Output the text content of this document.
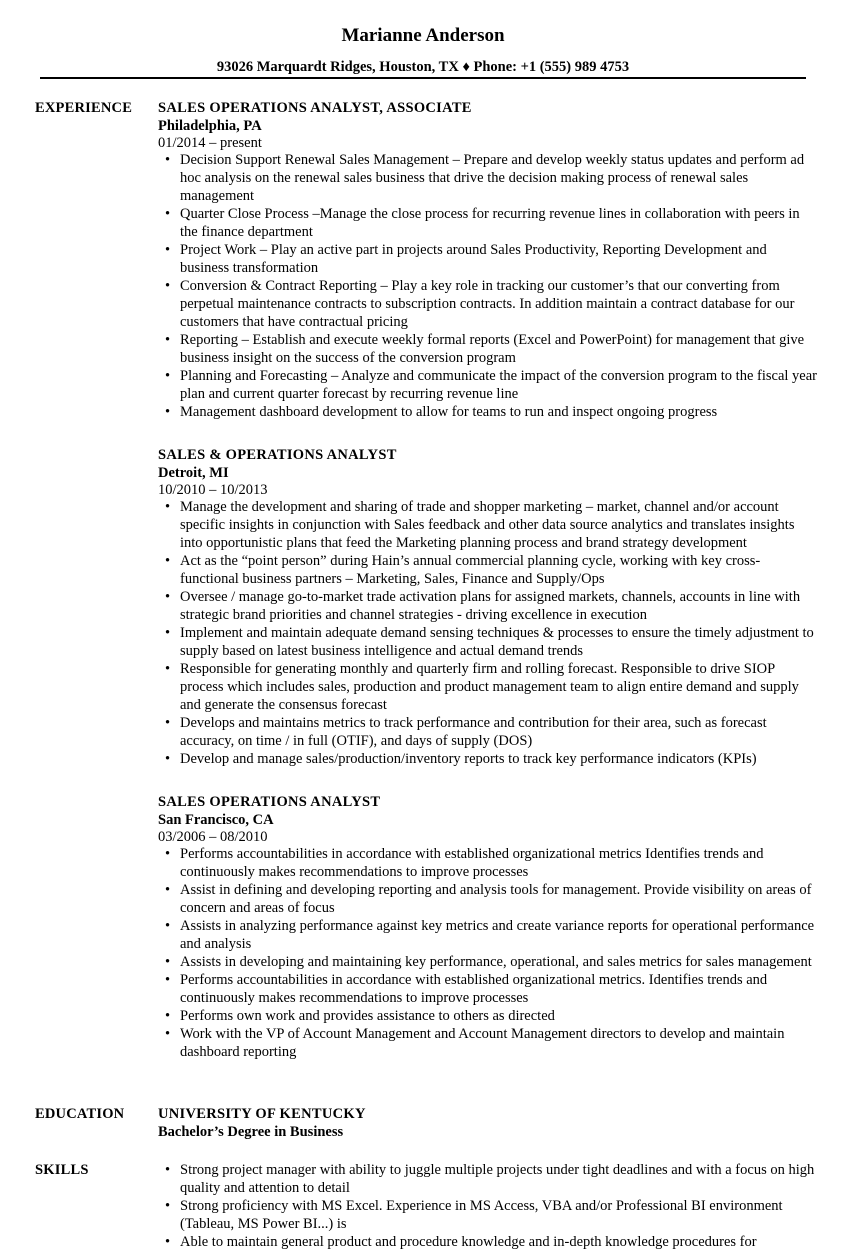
Marianne Anderson
93026 Marquardt Ridges, Houston, TX ♦ Phone: +1 (555) 989 4753
EXPERIENCE SALES OPERATIONS ANALYST, ASSOCIATE
Philadelphia, PA
01/2014 – present
• Decision Support Renewal Sales Management – Prepare and develop weekly status updates and perform ad hoc analysis on the renewal sales business that drive the decision making process of renewal sales management
• Quarter Close Process –Manage the close process for recurring revenue lines in collaboration with peers in the finance department
• Project Work – Play an active part in projects around Sales Productivity, Reporting Development and business transformation
• Conversion & Contract Reporting – Play a key role in tracking our customer’s that our converting from perpetual maintenance contracts to subscription contracts. In addition maintain a contract database for our customers that have contractual pricing
• Reporting – Establish and execute weekly formal reports (Excel and PowerPoint) for management that give business insight on the success of the conversion program
• Planning and Forecasting – Analyze and communicate the impact of the conversion program to the fiscal year plan and current quarter forecast by recurring revenue line
• Management dashboard development to allow for teams to run and inspect ongoing progress
SALES & OPERATIONS ANALYST
Detroit, MI
10/2010 – 10/2013
• Manage the development and sharing of trade and shopper marketing – market, channel and/or account specific insights in conjunction with Sales feedback and other data source analytics and translates insights into opportunistic plans that feed the Marketing planning process and brand strategy development
• Act as the “point person” during Hain’s annual commercial planning cycle, working with key cross-functional business partners – Marketing, Sales, Finance and Supply/Ops
• Oversee / manage go-to-market trade activation plans for assigned markets, channels, accounts in line with strategic brand priorities and channel strategies - driving excellence in execution
• Implement and maintain adequate demand sensing techniques & processes to ensure the timely adjustment to supply based on latest business intelligence and actual demand trends
• Responsible for generating monthly and quarterly firm and rolling forecast. Responsible to drive SIOP process which includes sales, production and product management team to align entire demand and supply and generate the consensus forecast
• Develops and maintains metrics to track performance and contribution for their area, such as forecast accuracy, on time / in full (OTIF), and days of supply (DOS)
• Develop and manage sales/production/inventory reports to track key performance indicators (KPIs)
SALES OPERATIONS ANALYST
San Francisco, CA
03/2006 – 08/2010
• Performs accountabilities in accordance with established organizational metrics Identifies trends and continuously makes recommendations to improve processes
• Assist in defining and developing reporting and analysis tools for management. Provide visibility on areas of concern and areas of focus
• Assists in analyzing performance against key metrics and create variance reports for operational performance and analysis
• Assists in developing and maintaining key performance, operational, and sales metrics for sales management
• Performs accountabilities in accordance with established organizational metrics. Identifies trends and continuously makes recommendations to improve processes
• Performs own work and provides assistance to others as directed
• Work with the VP of Account Management and Account Management directors to develop and maintain dashboard reporting
EDUCATION UNIVERSITY OF KENTUCKY
Bachelor’s Degree in Business
SKILLS
•	Strong project manager with ability to juggle multiple projects under tight deadlines and with a focus on high quality and attention to detail
• Strong proficiency with MS Excel. Experience in MS Access, VBA and/or Professional BI environment (Tableau, MS Power BI...) is
• Able to maintain general product and procedure knowledge and in-depth knowledge procedures for
